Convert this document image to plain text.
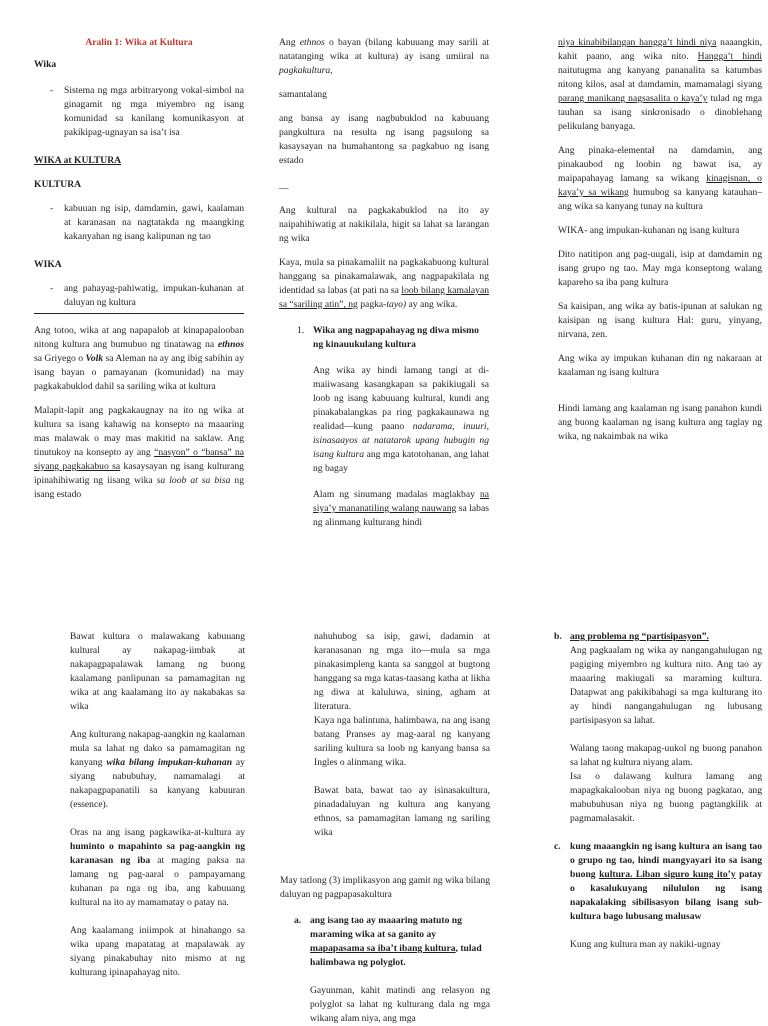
Aralin 1: Wika at Kultura

Wika

- Sistema ng mga arbitraryong vokal-simbol na ginagamit ng mga miyembro ng isang komunidad sa kanilang komunikasyon at pakikipag-ugnayan sa isa’t isa

WIKA at KULTURA

KULTURA

- kabuuan ng isip, damdamin, gawi, kaalaman at karanasan na nagtatakda ng maangking kakanyahan ng isang kalipunan ng tao

WIKA

- ang pahayag-pahiwatig, impukan-kuhanan at daluyan ng kultura

Ang totoo, wika at ang napapalob at kinapapalooban nitong kultura ang bumubuo ng tinatawag na ethnos sa Griyego o Volk sa Aleman na ay ang ibig sabihin ay isang bayan o pamayanan (komunidad) na may pagkakabuklod dahil sa sariling wika at kultura

Malapit-lapit ang pagkakaugnay na ito ng wika at kultura sa isang kahawig na konsepto na maaaring mas malawak o may mas makitid na saklaw. Ang tinutukoy na konsepto ay ang “nasyon” o “bansa” na siyang pagkakabuo sa kasaysayan ng isang kulturang ipinahihiwatig ng iisang wika sa loob at sa bisa ng isang estado

Ang ethnos o bayan (bilang kabuuang may sarili at natatanging wika at kultura) ay isang umiiral na pagkakultura,

samantalang

ang bansa ay isang nagbubuklod na kabuuang pangkultura na resulta ng isang pagsulong sa kasaysayan na humahantong sa pagkabuo ng isang estado

—

Ang kultural na pagkakabuklod na ito ay naipahihiwatig at nakikilala, higit sa lahat sa larangan ng wika

Kaya, mula sa pinakamaliit na pagkakabuong kultural hanggang sa pinakamalawak, ang nagpapakilala ng identidad sa labas (at pati na sa loob bilang kamalayan sa “sariling atin”, ng pagka-tayo) ay ang wika.

1. Wika ang nagpapahayag ng diwa mismo ng kinauukulang kultura

Ang wika ay hindi lamang tangi at di-maiiwasang kasangkapan sa pakikiugali sa loob ng isang kabuuang kultural, kundi ang pinakabalangkas pa ring pagkakaunawa ng realidad—kung paano nadarama, inuuri, isinasaayos at natatarok upang hubugin ng isang kultura ang mga katotohanan, ang lahat ng bagay

Alam ng sinumang madalas maglakbay na siya’y mananatiling walang nauwang sa labas ng alinmang kulturang hindi

niya kinabibilangan hangga’t hindi niya naaangkin, kahit paano, ang wika nito. Hangga’t hindi naitutugma ang kanyang pananalita sa katumbas nitong kilos, asal at damdamin, mamamalagi siyang parang manikang nagsasalita o kaya’y tulad ng mga tauhan sa isang sinkronisado o dinoblehang pelikulang banyaga.

Ang pinaka-elementał na damdamin, ang pinakaubod ng loobin ng bawat isa, ay maipapahayag lamang sa wikang kinagisnan, o kaya’y sa wikang humubog sa kanyang katauhan– ang wika sa kanyang tunay na kultura

WIKA- ang impukan-kuhanan ng isang kultura

Dito natitipon ang pag-uugali, isip at damdamin ng isang grupo ng tao. May mga konseptong walang kapareho sa iba pang kultura

Sa kaisipan, ang wika ay batis-ipunan at salukan ng kaisipan ng isang kultura Hal: guru, yinyang, nirvana, zen.

Ang wika ay impukan kuhanan din ng nakaraan at kaalaman ng isang kultura

Hindi lamang ang kaalaman ng isang panahon kundi ang buong kaalaman ng isang kultura ang taglay ng wika, ng nakaimbak na wika

Bawat kultura o malawakang kabuuang kultural ay nakapag-iimbak at nakapagpapalawak lamang ng buong kaalamang panlipunan sa pamamagitan ng wika at ang kaalamang ito ay nakabakas sa wika

Ang kulturang nakapag-aangkin ng kaalaman mula sa lahat ng dako sa pamamagitan ng kanyang wika bilang impukan-kuhanan ay siyang nabubuhay, namamalagi at nakapagpapanatili sa kanyang kabuuran (essence).

Oras na ang isang pagkawika-at-kultura ay huminto o mapahinto sa pag-aangkin ng karanasan ng iba at maging paksa na lamang ng pag-aaral o pampayamang kuhanan pa nga ng iba, ang kabuuang kultural na ito ay mamamatay o patay na.

Ang kaalamang iniimpok at hinahango sa wika upang mapatatag at mapalawak ay siyang pinakabuhay nito mismo at ng kulturang ipinapahayag nito.

nahuhubog sa isip, gawi, dadamin at karanasanan ng mga ito—mula sa mga pinakasimpleng kanta sa sanggol at bugtong hanggang sa mga katas-taasang katha at likha ng diwa at kaluluwa, sining, agham at literatura.

Kaya nga balintuna, halimbawa, na ang isang batang Pranses ay mag-aaral ng kanyang sariling kultura sa loob ng kanyang bansa sa Ingles o alinmang wika.

Bawat bata, bawat tao ay isinasakultura, pinadadaluyan ng kultura ang kanyang ethnos, sa pamamagitan lamang ng sariling wika

May tatlong (3) implikasyon ang gamit ng wika bilang daluyan ng pagpapasakultura

a. ang isang tao ay maaaring matuto ng maraming wika at sa ganito ay mapapasama sa iba’t ibang kultura, tulad halimbawa ng polyglot.

Gayunman, kahit matindi ang relasyon ng polyglot sa lahat ng kulturang dala ng mga wikang alam niya, ang mga

b. ang problema ng “partisipasyon”.

Ang pagkaalam ng wika ay nangangahulugan ng pagiging miyembro ng kultura nito. Ang tao ay maaaring makiugali sa maraming kultura. Datapwat ang pakikibahagi sa mga kulturang ito ay hindi nangangahulugan ng lubusang partisipasyon sa lahat.

Walang taong makapag-uukol ng buong panahon sa lahat ng kultura niyang alam.

Isa o dalawang kultura lamang ang mapagkakalooban niya ng buong pagkatao, ang mabubuhusan niya ng buong pagtangkilik at pagmamalasakit.

c. kung maaangkin ng isang kultura an isang tao o grupo ng tao, hindi mangyayari ito sa isang buong kultura. Liban siguro kung ito’y patay o kasalukuyang nilululon ng isang napakalaking sibilisasyon bilang isang sub-kultura bago lubusang malusaw

Kung ang kultura man ay nakiki-ugnay
